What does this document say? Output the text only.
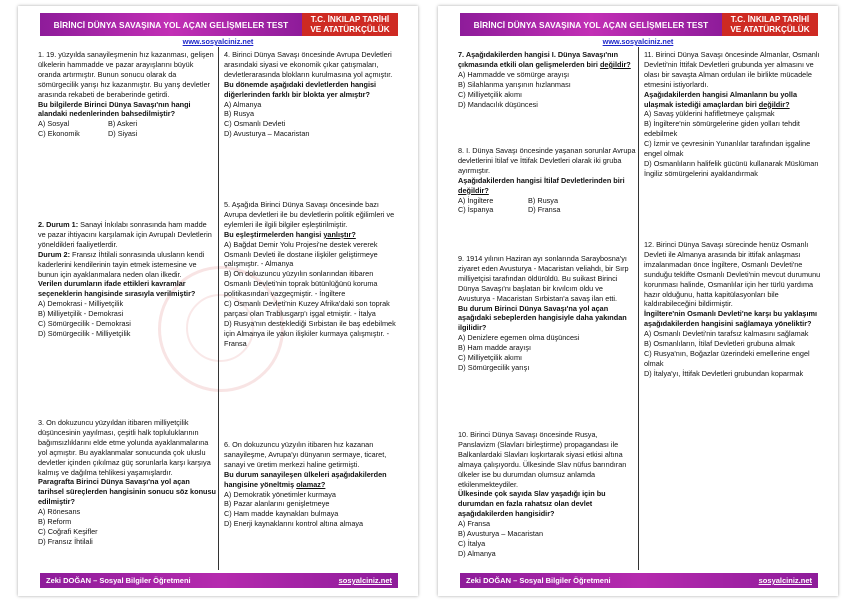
BİRİNCİ DÜNYA SAVAŞINA YOL AÇAN GELİŞMELER TEST
T.C. İNKILAP TARİHİ
VE ATATÜRKÇÜLÜK
www.sosyalciniz.net

1. 19. yüzyılda sanayileşmenin hız kazanması, gelişen ülkelerin hammadde ve pazar arayışlarını büyük oranda artırmıştır. Bunun sonucu olarak da sömürgecilik yarışı hız kazanmıştır. Bu yarış devletler arasında rekabeti de beraberinde getirdi.

Bu bilgilerde Birinci Dünya Savaşı'nın hangi alandaki nedenlerinden bahsedilmiştir?

A) Sosyal	B) Askeri
C) Ekonomik	D) Siyasi

2. Durum 1: Sanayi İnkılabı sonrasında ham madde ve pazar ihtiyacını karşılamak için Avrupalı Devletlerin yöneldikleri faaliyetlerdir.

Durum 2: Fransız İhtilali sonrasında ulusların kendi kaderlerini kendilerinin tayin etmek istemesine ve bunun için ayaklanmalara neden olan ilkedir.

Verilen durumların ifade ettikleri kavramlar seçeneklerin hangisinde sırasıyla verilmiştir?

A) Demokrasi - Milliyetçilik

B) Milliyetçilik - Demokrasi

C) Sömürgecilik - Demokrasi

D) Sömürgecilik - Milliyetçilik

3. On dokuzuncu yüzyıldan itibaren milliyetçilik düşüncesinin yayılması, çeşitli halk topluluklarının bağımsızlıklarını elde etme yolunda ayaklanmalarına yol açmıştır. Bu ayaklanmalar sonucunda çok uluslu devletler içinden çıkılmaz güç sorunlarla karşı karşıya kalmış ve dağılma tehlikesi yaşamışlardır.

Paragrafta Birinci Dünya Savaşı'na yol açan tarihsel süreçlerden hangisinin sonucu söz konusu edilmiştir?

A) Rönesans

B) Reform

C) Coğrafi Keşifler

D) Fransız İhtilali

4. Birinci Dünya Savaşı öncesinde Avrupa Devletleri arasındaki siyasi ve ekonomik çıkar çatışmaları, devletlerarasında blokların kurulmasına yol açmıştır.

Bu dönemde aşağıdaki devletlerden hangisi diğerlerinden farklı bir blokta yer almıştır?

A) Almanya

B) Rusya

C) Osmanlı Devleti

D) Avusturya – Macaristan

5. Aşağıda Birinci Dünya Savaşı öncesinde bazı Avrupa devletleri ile bu devletlerin politik eğilimleri ve eylemleri ile ilgili bilgiler eşleştirilmiştir.

Bu eşleştirmelerden hangisi yanlıştır?

A) Bağdat Demir Yolu Projesi'ne destek vererek Osmanlı Devleti ile dostane ilişkiler geliştirmeye çalışmıştır. - Almanya

B) On dokuzuncu yüzyılın sonlarından itibaren Osmanlı Devleti'nin toprak bütünlüğünü koruma politikasından vazgeçmiştir. - İngiltere

C) Osmanlı Devleti'nin Kuzey Afrika'daki son toprak parçası olan Trablusgarp'ı işgal etmiştir. - İtalya

D) Rusya'nın desteklediği Sırbistan ile baş edebilmek için Almanya ile yakın ilişkiler kurmaya çalışmıştır. - Fransa

6. On dokuzuncu yüzyılın itibaren hız kazanan sanayileşme, Avrupa'yı dünyanın sermaye, ticaret, sanayi ve üretim merkezi haline getirmişti.

Bu durum sanayileşen ülkeleri aşağıdakilerden hangisine yöneltmiş olamaz?

A) Demokratik yönetimler kurmaya

B) Pazar alanlarını genişletmeye

C) Ham madde kaynakları bulmaya

D) Enerji kaynaklarını kontrol altına almaya

Zeki DOĞAN – Sosyal Bilgiler Öğretmeni	sosyalciniz.net
BİRİNCİ DÜNYA SAVAŞINA YOL AÇAN GELİŞMELER TEST
T.C. İNKILAP TARİHİ
VE ATATÜRKÇÜLÜK
www.sosyalciniz.net

7. Aşağıdakilerden hangisi I. Dünya Savaşı'nın çıkmasında etkili olan gelişmelerden biri değildir?

A) Hammadde ve sömürge arayışı

B) Silahlanma yarışının hızlanması

C) Milliyetçilik akımı

D) Mandacılık düşüncesi

8. I. Dünya Savaşı öncesinde yaşanan sorunlar Avrupa devletlerini İtilaf ve İttifak Devletleri olarak iki gruba ayırmıştır.

Aşağıdakilerden hangisi İtilaf Devletlerinden biri değildir?

A) İngiltere	B) Rusya
C) İspanya	D) Fransa

9. 1914 yılının Haziran ayı sonlarında Saraybosna'yı ziyaret eden Avusturya - Macaristan veliahdı, bir Sırp milliyetçisi tarafından öldürüldü. Bu suikast Birinci Dünya Savaşı'nı başlatan bir kıvılcım oldu ve Avusturya - Macaristan Sırbistan'a savaş ilan etti.

Bu durum Birinci Dünya Savaşı'na yol açan aşağıdaki sebeplerden hangisiyle daha yakından ilgilidir?

A) Denizlere egemen olma düşüncesi

B) Ham madde arayışı

C) Milliyetçilik akımı

D) Sömürgecilik yarışı

10. Birinci Dünya Savaşı öncesinde Rusya, Panslavizm (Slavları birleştirme) propagandası ile Balkanlardaki Slavları kışkırtarak siyasi etkisi altına almaya çalışıyordu. Ülkesinde Slav nüfus barındıran ülkeler ise bu durumdan olumsuz anlamda etkilenmekteydiler.

Ülkesinde çok sayıda Slav yaşadığı için bu durumdan en fazla rahatsız olan devlet aşağıdakilerden hangisidir?

A) Fransa

B) Avusturya – Macaristan

C) İtalya

D) Almanya

11. Birinci Dünya Savaşı öncesinde Almanlar, Osmanlı Devleti'nin İttifak Devletleri grubunda yer almasını ve olası bir savaşta Alman orduları ile birlikte mücadele etmesini istiyorlardı.

Aşağıdakilerden hangisi Almanların bu yolla ulaşmak istediği amaçlardan biri değildir?

A) Savaş yüklerini hafifletmeye çalışmak

B) İngiltere'nin sömürgelerine giden yolları tehdit edebilmek

C) İzmir ve çevresinin Yunanlılar tarafından işgaline engel olmak

D) Osmanlıların halifelik gücünü kullanarak Müslüman İngiliz sömürgelerini ayaklandırmak

12. Birinci Dünya Savaşı sürecinde henüz Osmanlı Devleti ile Almanya arasında bir ittifak anlaşması imzalanmadan önce İngiltere, Osmanlı Devleti'ne sunduğu teklifte Osmanlı Devleti'nin mevcut durumunu korunması halinde, Osmanlılar için her türlü yardıma hazır olduğunu, hatta kapitülasyonları bile kaldırabileceğini bildirmiştir.

İngiltere'nin Osmanlı Devleti'ne karşı bu yaklaşımı aşağıdakilerden hangisini sağlamaya yöneliktir?

A) Osmanlı Devleti'nin tarafsız kalmasını sağlamak

B) Osmanlıların, İtilaf Devletleri grubuna almak

C) Rusya'nın, Boğazlar üzerindeki emellerine engel olmak

D) İtalya'yı, İttifak Devletleri grubundan koparmak

Zeki DOĞAN – Sosyal Bilgiler Öğretmeni	sosyalciniz.net
